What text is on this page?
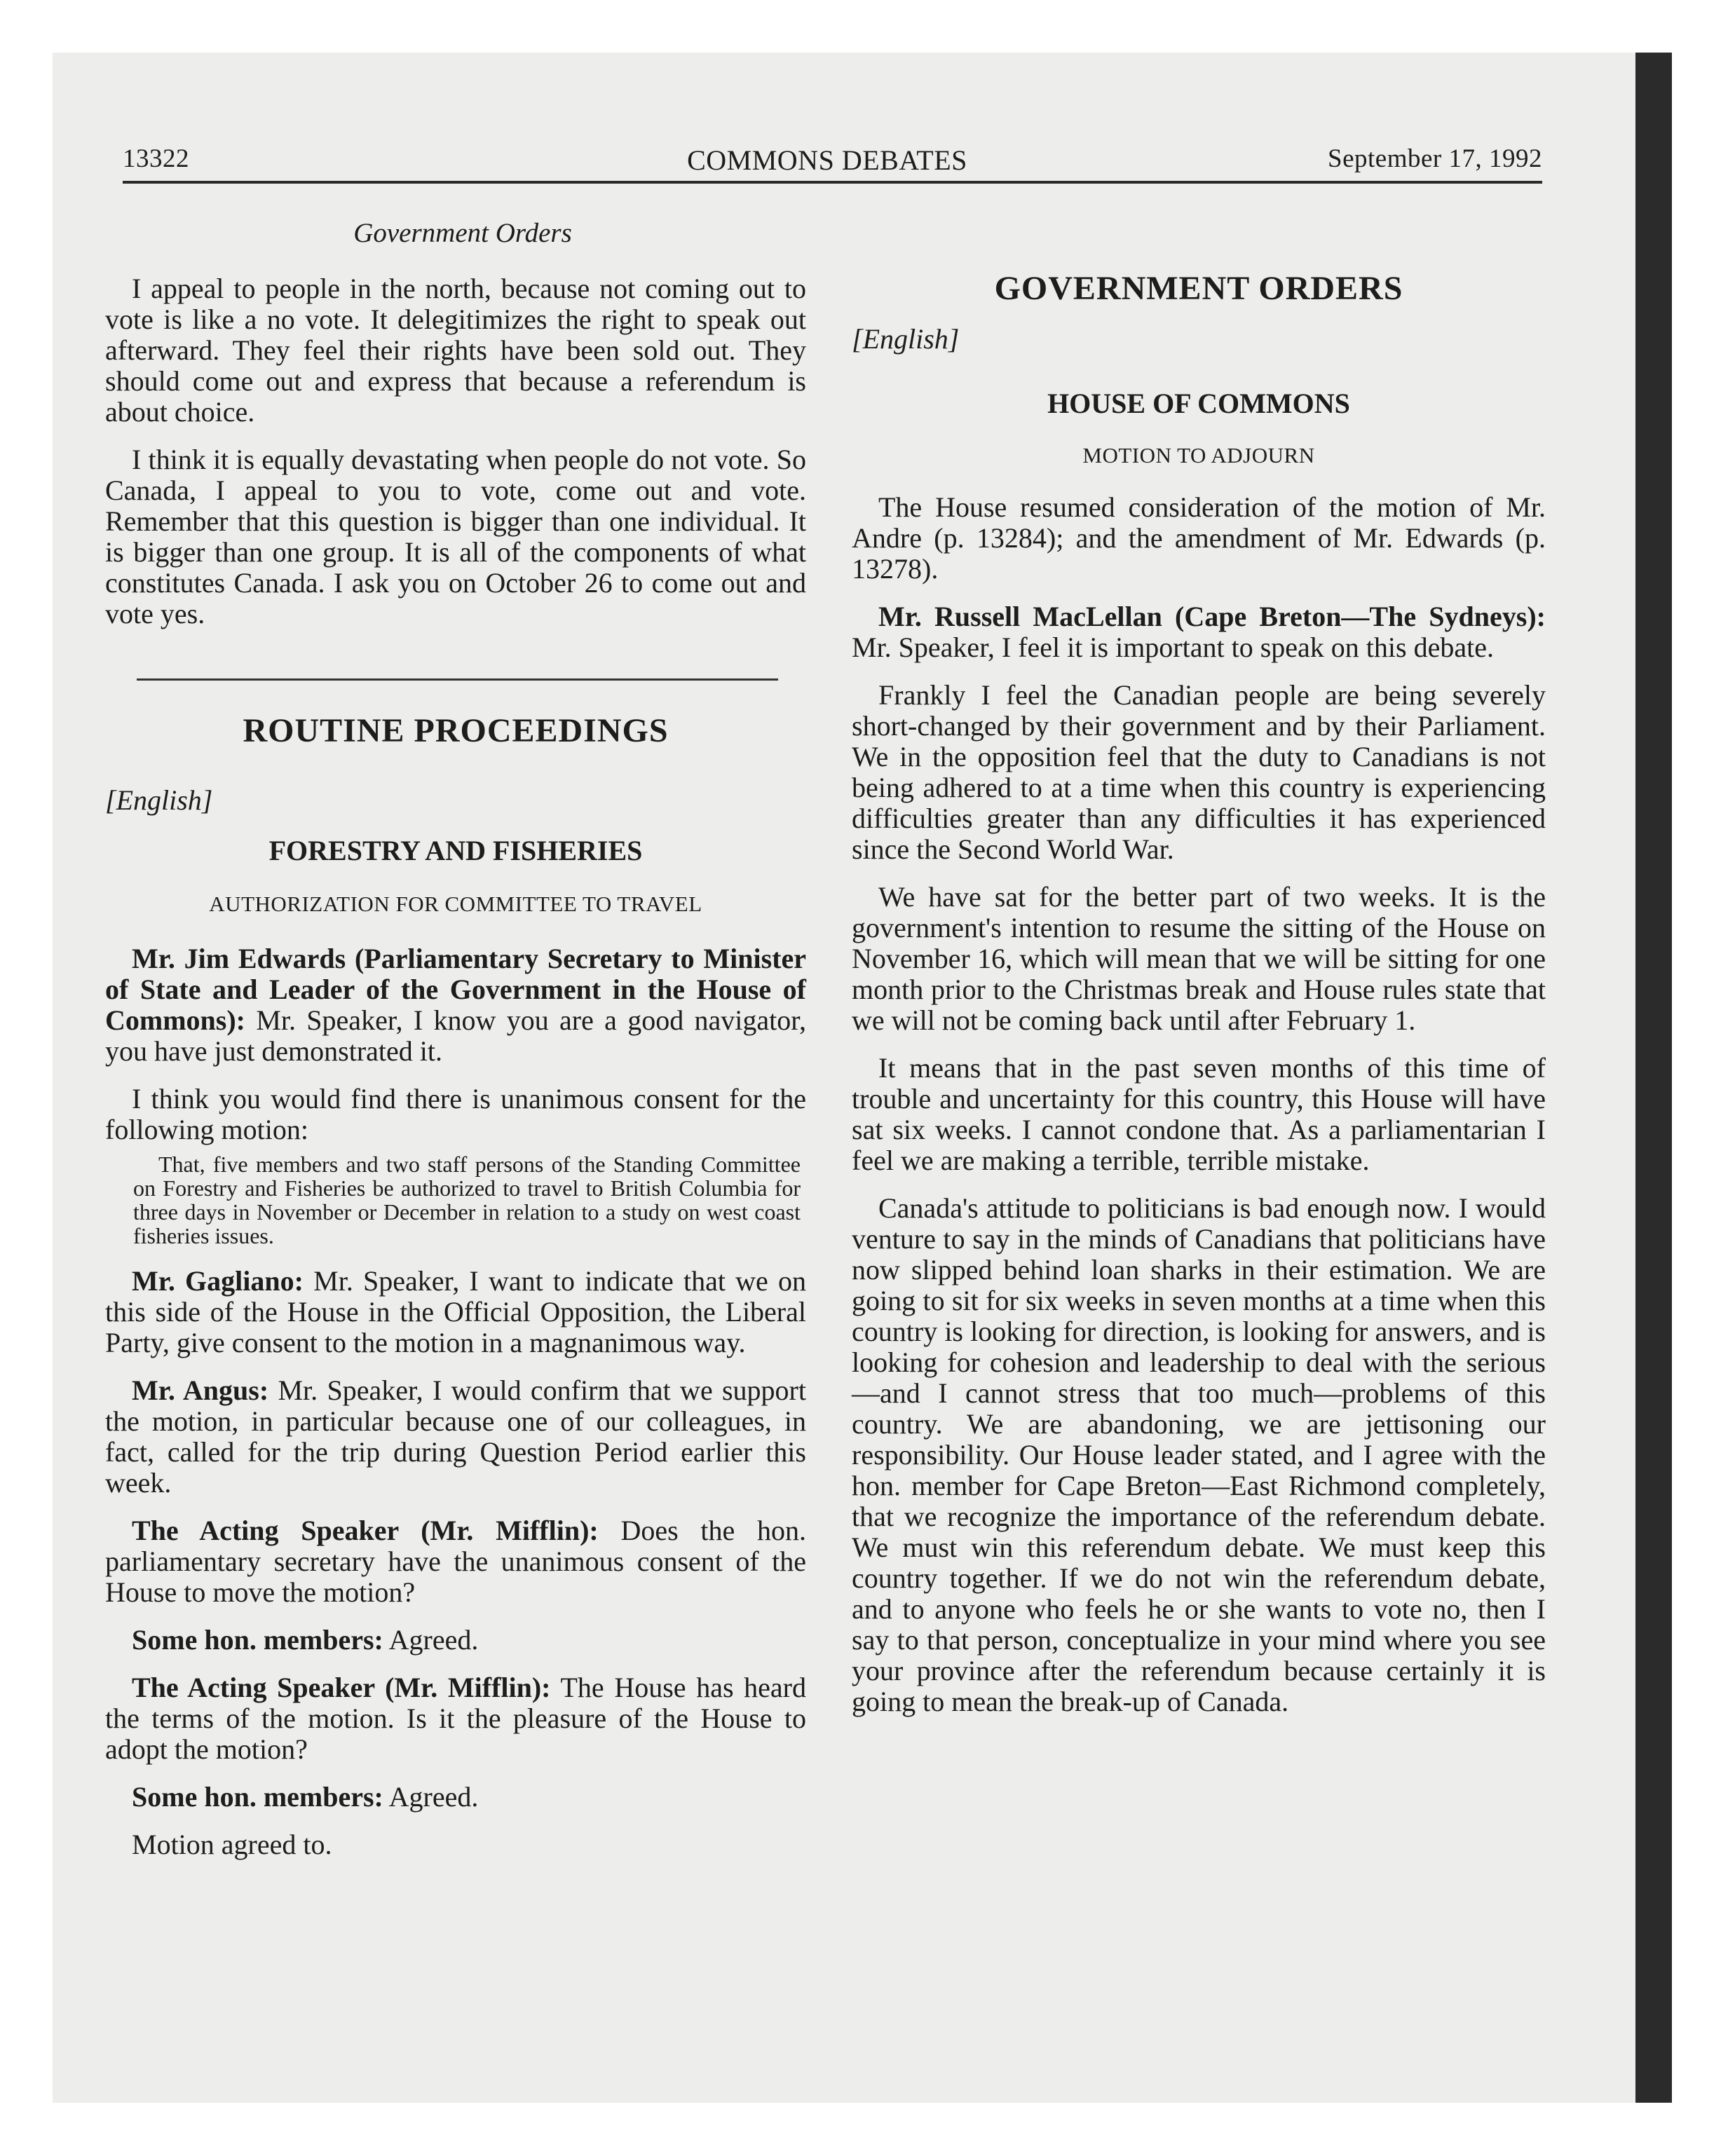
13322	COMMONS DEBATES	September 17, 1992
Government Orders

I appeal to people in the north, because not coming out to vote is like a no vote. It delegitimizes the right to speak out afterward. They feel their rights have been sold out. They should come out and express that because a referendum is about choice.

I think it is equally devastating when people do not vote. So Canada, I appeal to you to vote, come out and vote. Remember that this question is bigger than one individual. It is bigger than one group. It is all of the components of what constitutes Canada. I ask you on October 26 to come out and vote yes.

ROUTINE PROCEEDINGS
[English]
FORESTRY AND FISHERIES
AUTHORIZATION FOR COMMITTEE TO TRAVEL

Mr. Jim Edwards (Parliamentary Secretary to Minister of State and Leader of the Government in the House of Commons): Mr. Speaker, I know you are a good navigator, you have just demonstrated it.

I think you would find there is unanimous consent for the following motion:

That, five members and two staff persons of the Standing Committee on Forestry and Fisheries be authorized to travel to British Columbia for three days in November or December in relation to a study on west coast fisheries issues.

Mr. Gagliano: Mr. Speaker, I want to indicate that we on this side of the House in the Official Opposition, the Liberal Party, give consent to the motion in a magnanimous way.

Mr. Angus: Mr. Speaker, I would confirm that we support the motion, in particular because one of our colleagues, in fact, called for the trip during Question Period earlier this week.

The Acting Speaker (Mr. Mifflin): Does the hon. parliamentary secretary have the unanimous consent of the House to move the motion?

Some hon. members: Agreed.

The Acting Speaker (Mr. Mifflin): The House has heard the terms of the motion. Is it the pleasure of the House to adopt the motion?

Some hon. members: Agreed.

Motion agreed to.

GOVERNMENT ORDERS
[English]
HOUSE OF COMMONS
MOTION TO ADJOURN

The House resumed consideration of the motion of Mr. Andre (p. 13284); and the amendment of Mr. Edwards (p. 13278).

Mr. Russell MacLellan (Cape Breton—The Sydneys): Mr. Speaker, I feel it is important to speak on this debate.

Frankly I feel the Canadian people are being severely short-changed by their government and by their Parliament. We in the opposition feel that the duty to Canadians is not being adhered to at a time when this country is experiencing difficulties greater than any difficulties it has experienced since the Second World War.

We have sat for the better part of two weeks. It is the government's intention to resume the sitting of the House on November 16, which will mean that we will be sitting for one month prior to the Christmas break and House rules state that we will not be coming back until after February 1.

It means that in the past seven months of this time of trouble and uncertainty for this country, this House will have sat six weeks. I cannot condone that. As a parliamentarian I feel we are making a terrible, terrible mistake.

Canada's attitude to politicians is bad enough now. I would venture to say in the minds of Canadians that politicians have now slipped behind loan sharks in their estimation. We are going to sit for six weeks in seven months at a time when this country is looking for direction, is looking for answers, and is looking for cohesion and leadership to deal with the serious—and I cannot stress that too much—problems of this country. We are abandoning, we are jettisoning our responsibility. Our House leader stated, and I agree with the hon. member for Cape Breton—East Richmond completely, that we recognize the importance of the referendum debate. We must win this referendum debate. We must keep this country together. If we do not win the referendum debate, and to anyone who feels he or she wants to vote no, then I say to that person, conceptualize in your mind where you see your province after the referendum because certainly it is going to mean the break-up of Canada.
